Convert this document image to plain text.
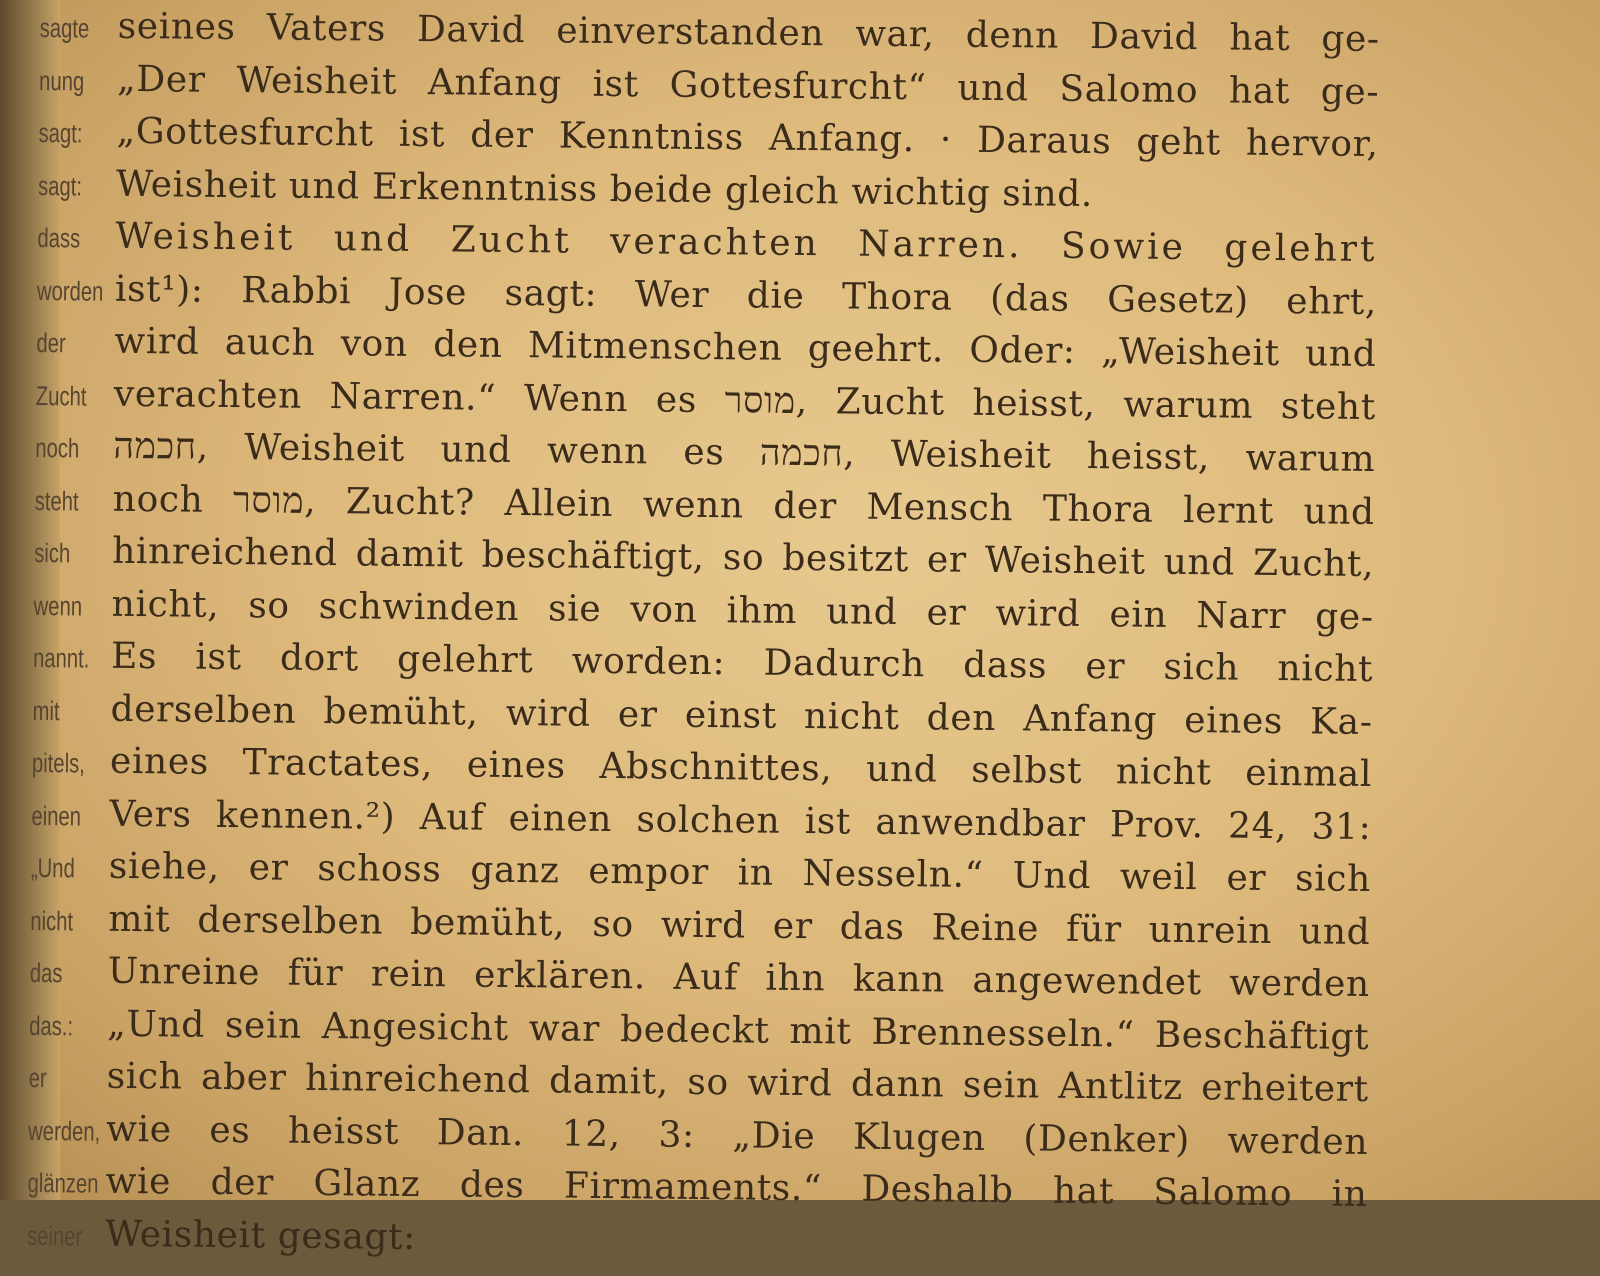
sagte seines Vaters David einverstanden war, denn David hat ge-
nung „Der Weisheit Anfang ist Gottesfurcht“ und Salomo hat ge-
sagt: „Gottesfurcht ist der Kenntniss Anfang. · Daraus geht hervor,
sagt: Weisheit und Erkenntniss beide gleich wichtig sind.
dass Weisheit und Zucht verachten Narren. Sowie gelehrt
worden ist¹): Rabbi Jose sagt: Wer die Thora (das Gesetz) ehrt,
der wird auch von den Mitmenschen geehrt. Oder: „Weisheit und
Zucht verachten Narren.“ Wenn es מוסר, Zucht heisst, warum steht
noch חכמה, Weisheit und wenn es חכמה, Weisheit heisst, warum
steht noch מוסר, Zucht? Allein wenn der Mensch Thora lernt und
sich hinreichend damit beschäftigt, so besitzt er Weisheit und Zucht,
wenn nicht, so schwinden sie von ihm und er wird ein Narr ge-
nannt. Es ist dort gelehrt worden: Dadurch dass er sich nicht
mit derselben bemüht, wird er einst nicht den Anfang eines Ka-
pitels, eines Tractates, eines Abschnittes, und selbst nicht einmal
einen Vers kennen.²) Auf einen solchen ist anwendbar Prov. 24, 31:
„Und siehe, er schoss ganz empor in Nesseln.“ Und weil er sich
nicht mit derselben bemüht, so wird er das Reine für unrein und
das Unreine für rein erklären. Auf ihn kann angewendet werden
das.: „Und sein Angesicht war bedeckt mit Brennesseln.“ Beschäftigt
er sich aber hinreichend damit, so wird dann sein Antlitz erheitert
werden, wie es heisst Dan. 12, 3: „Die Klugen (Denker) werden
glänzen wie der Glanz des Firmaments.“ Deshalb hat Salomo in
seiner Weisheit gesagt:
